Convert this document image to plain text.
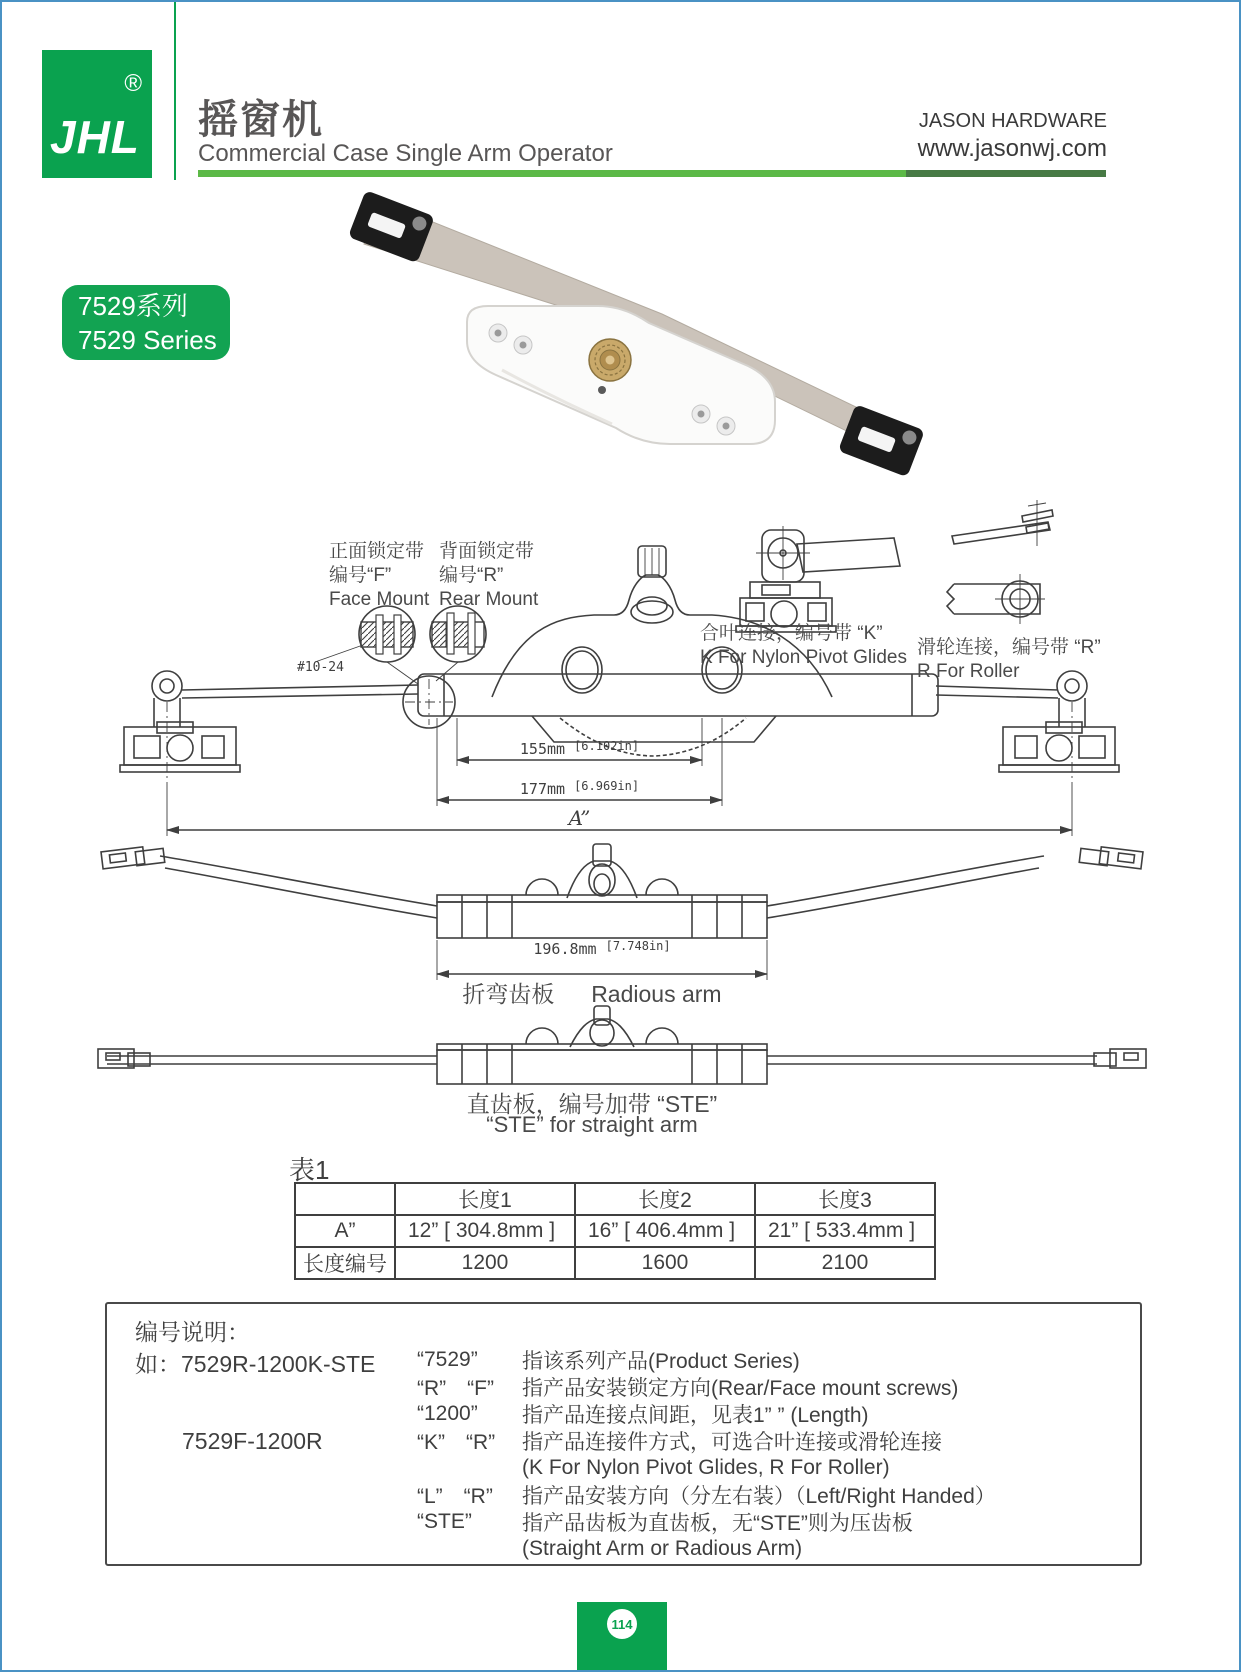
®
JHL 摇窗机
Commercial Case Single Arm Operator
JASON HARDWARE
www.jasonwj.com
7529系列
7529 Series
正面锁定带
编号“F”
Face Mount
背面锁定带
编号“R”
Rear Mount
#10-24
合叶连接，编号带 “K”
K For Nylon Pivot Glides 滑轮连接，编号带 “R”
R For Roller
155mm [6.102in]
177mm [6.969in]
A”
196.8mm [7.748in]
折弯齿板 Radious arm
直齿板，编号加带 “STE”
“STE” for straight arm
表1
	长度1	长度2	长度3
A”	12” [ 304.8mm ]	16” [ 406.4mm ]	21” [ 533.4mm ]
长度编号	1200	1600	2100
编号说明：
如：7529R-1200K-STE
7529F-1200R
“7529”	指该系列产品(Product Series)
“R”　“F”	指产品安装锁定方向(Rear/Face mount screws)
“1200”	指产品连接点间距，见表1” ” (Length)
“K”　“R”	指产品连接件方式，可选合叶连接或滑轮连接
(K For Nylon Pivot Glides, R For Roller)
“L”　“R”	指产品安装方向（分左右装）（Left/Right Handed）
“STE”	指产品齿板为直齿板，无“STE”则为压齿板
(Straight Arm or Radious Arm)
114
